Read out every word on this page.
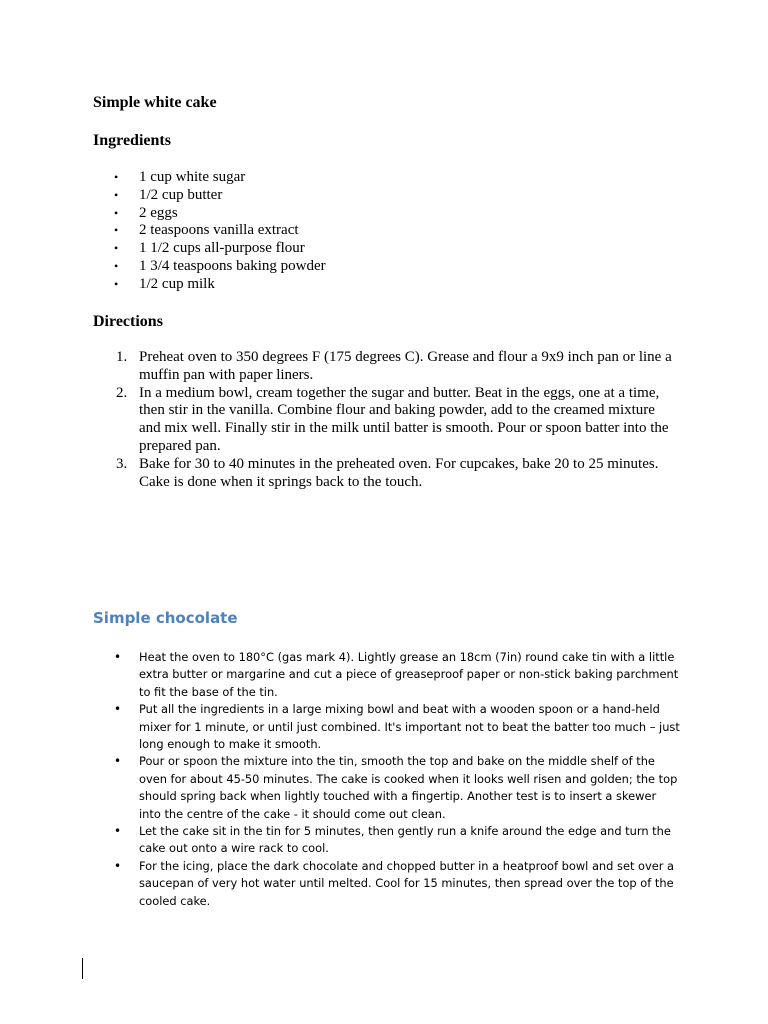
Simple white cake
Ingredients
• 1 cup white sugar
• 1/2 cup butter
• 2 eggs
• 2 teaspoons vanilla extract
• 1 1/2 cups all-purpose flour
• 1 3/4 teaspoons baking powder
• 1/2 cup milk
Directions
1. Preheat oven to 350 degrees F (175 degrees C). Grease and flour a 9x9 inch pan or line a muffin pan with paper liners.
2. In a medium bowl, cream together the sugar and butter. Beat in the eggs, one at a time, then stir in the vanilla. Combine flour and baking powder, add to the creamed mixture and mix well. Finally stir in the milk until batter is smooth. Pour or spoon batter into the prepared pan.
3. Bake for 30 to 40 minutes in the preheated oven. For cupcakes, bake 20 to 25 minutes. Cake is done when it springs back to the touch.
Simple chocolate
• Heat the oven to 180°C (gas mark 4). Lightly grease an 18cm (7in) round cake tin with a little extra butter or margarine and cut a piece of greaseproof paper or non-stick baking parchment to fit the base of the tin.
• Put all the ingredients in a large mixing bowl and beat with a wooden spoon or a hand-held mixer for 1 minute, or until just combined. It's important not to beat the batter too much – just long enough to make it smooth.
• Pour or spoon the mixture into the tin, smooth the top and bake on the middle shelf of the oven for about 45-50 minutes. The cake is cooked when it looks well risen and golden; the top should spring back when lightly touched with a fingertip. Another test is to insert a skewer into the centre of the cake - it should come out clean.
• Let the cake sit in the tin for 5 minutes, then gently run a knife around the edge and turn the cake out onto a wire rack to cool.
• For the icing, place the dark chocolate and chopped butter in a heatproof bowl and set over a saucepan of very hot water until melted. Cool for 15 minutes, then spread over the top of the cooled cake.
